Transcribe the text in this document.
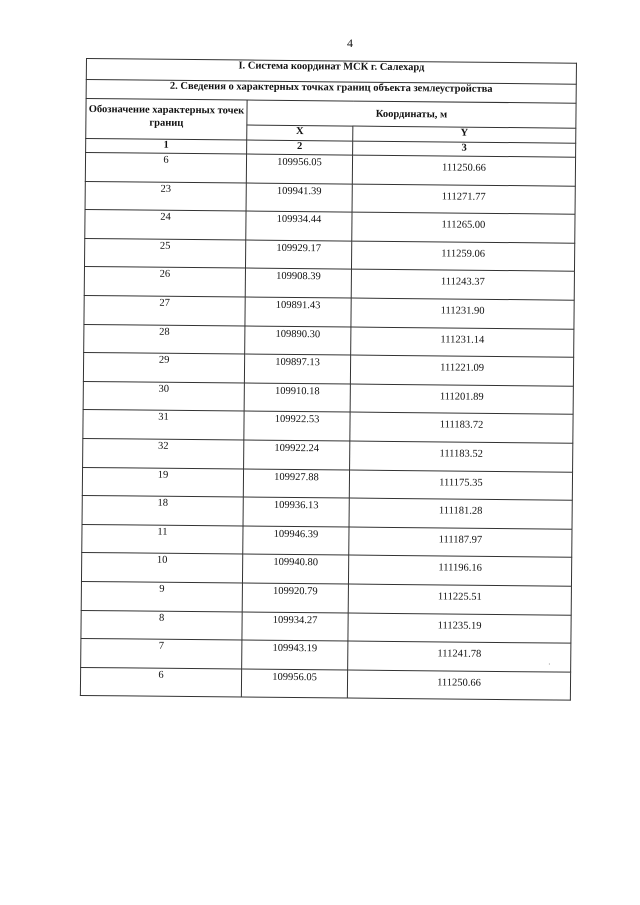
4
I. Система координат МСК г. Салехард		
2. Сведения о характерных точках границ объекта землеустройства		
Обозначение характерных точек границ	Координаты, м	
	X	Y
1	2	3
6	109956.05	111250.66
23	109941.39	111271.77
24	109934.44	111265.00
25	109929.17	111259.06
26	109908.39	111243.37
27	109891.43	111231.90
28	109890.30	111231.14
29	109897.13	111221.09
30	109910.18	111201.89
31	109922.53	111183.72
32	109922.24	111183.52
19	109927.88	111175.35
18	109936.13	111181.28
11	109946.39	111187.97
10	109940.80	111196.16
9	109920.79	111225.51
8	109934.27	111235.19
7	109943.19	111241.78
6	109956.05	111250.66
·
